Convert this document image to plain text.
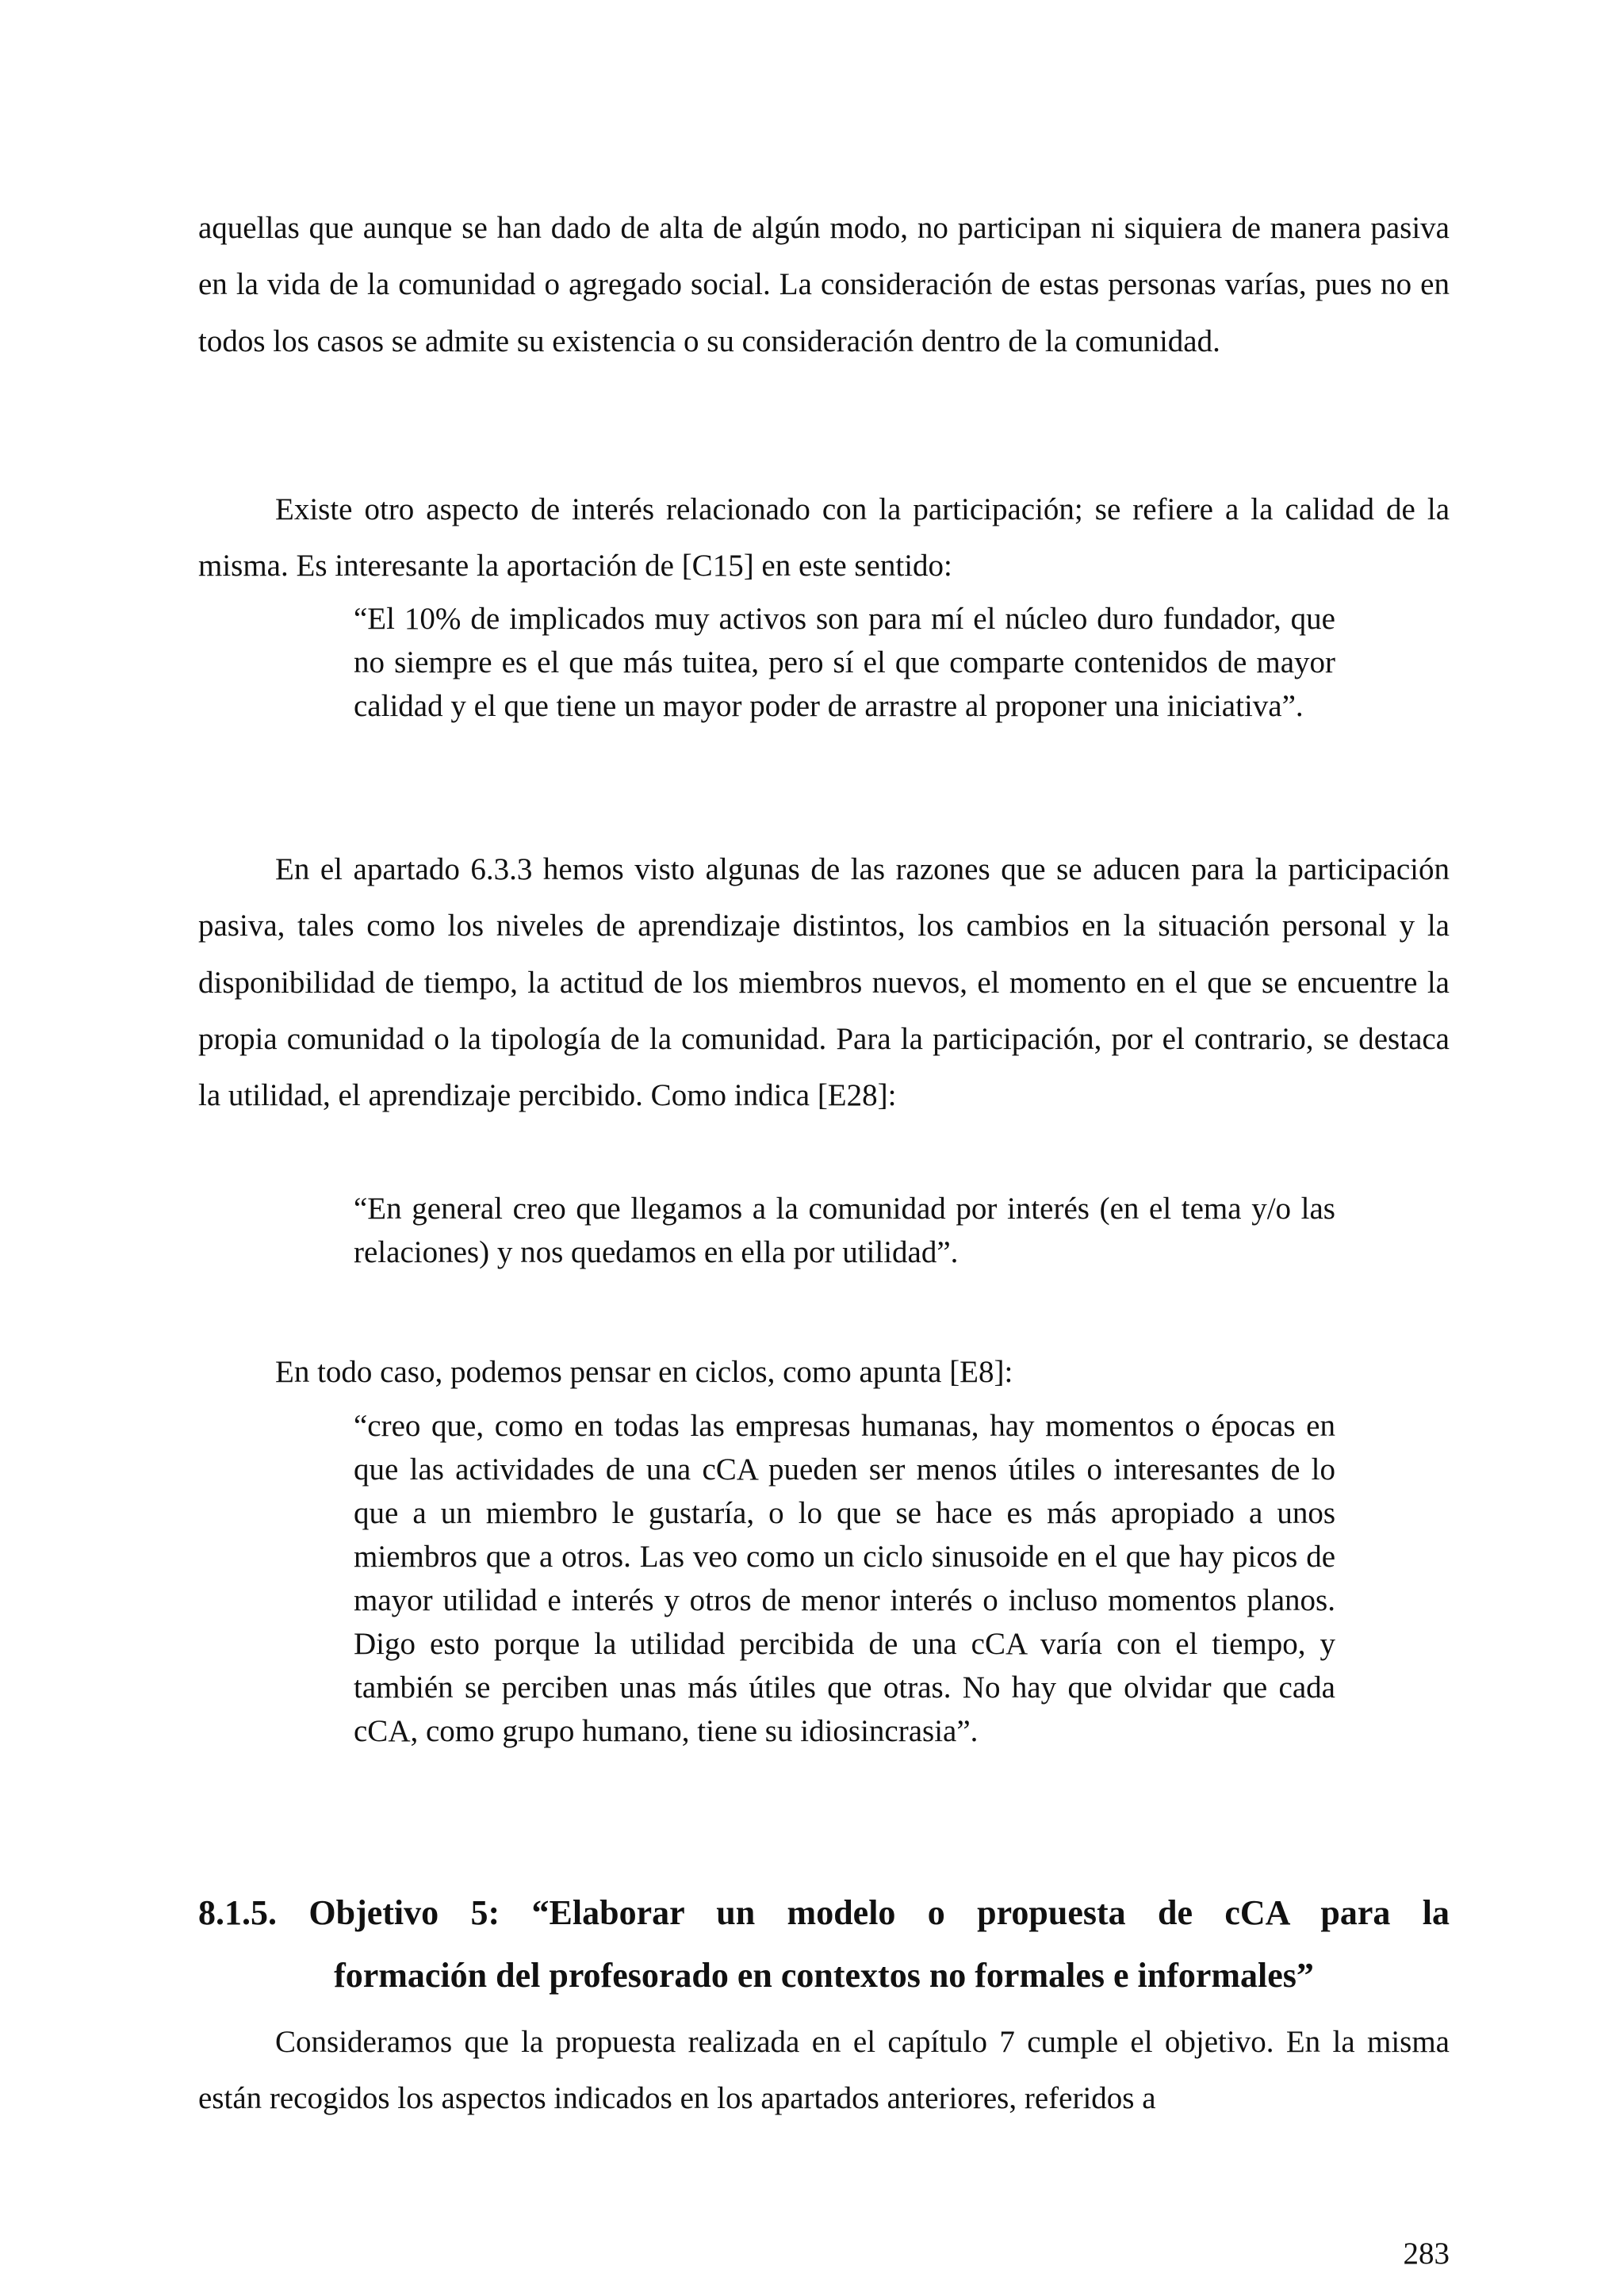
aquellas que aunque se han dado de alta de algún modo, no participan ni siquiera de manera pasiva en la vida de la comunidad o agregado social. La consideración de estas personas varías, pues no en todos los casos se admite su existencia o su consideración dentro de la comunidad.

Existe otro aspecto de interés relacionado con la participación; se refiere a la calidad de la misma. Es interesante la aportación de [C15] en este sentido:

“El 10% de implicados muy activos son para mí el núcleo duro fundador, que no siempre es el que más tuitea, pero sí el que comparte contenidos de mayor calidad y el que tiene un mayor poder de arrastre al proponer una iniciativa”.

En el apartado 6.3.3 hemos visto algunas de las razones que se aducen para la participación pasiva, tales como los niveles de aprendizaje distintos, los cambios en la situación personal y la disponibilidad de tiempo, la actitud de los miembros nuevos, el momento en el que se encuentre la propia comunidad o la tipología de la comunidad. Para la participación, por el contrario, se destaca la utilidad, el aprendizaje percibido. Como indica [E28]:

“En general creo que llegamos a la comunidad por interés (en el tema y/o las relaciones) y nos quedamos en ella por utilidad”.

En todo caso, podemos pensar en ciclos, como apunta [E8]:

“creo que, como en todas las empresas humanas, hay momentos o épocas en que las actividades de una cCA pueden ser menos útiles o interesantes de lo que a un miembro le gustaría, o lo que se hace es más apropiado a unos miembros que a otros. Las veo como un ciclo sinusoide en el que hay picos de mayor utilidad e interés y otros de menor interés o incluso momentos planos. Digo esto porque la utilidad percibida de una cCA varía con el tiempo, y también se perciben unas más útiles que otras. No hay que olvidar que cada cCA, como grupo humano, tiene su idiosincrasia”.

8.1.5. Objetivo 5: “Elaborar un modelo o propuesta de cCA para la
formación del profesorado en contextos no formales e informales”

Consideramos que la propuesta realizada en el capítulo 7 cumple el objetivo. En la misma están recogidos los aspectos indicados en los apartados anteriores, referidos a

283
